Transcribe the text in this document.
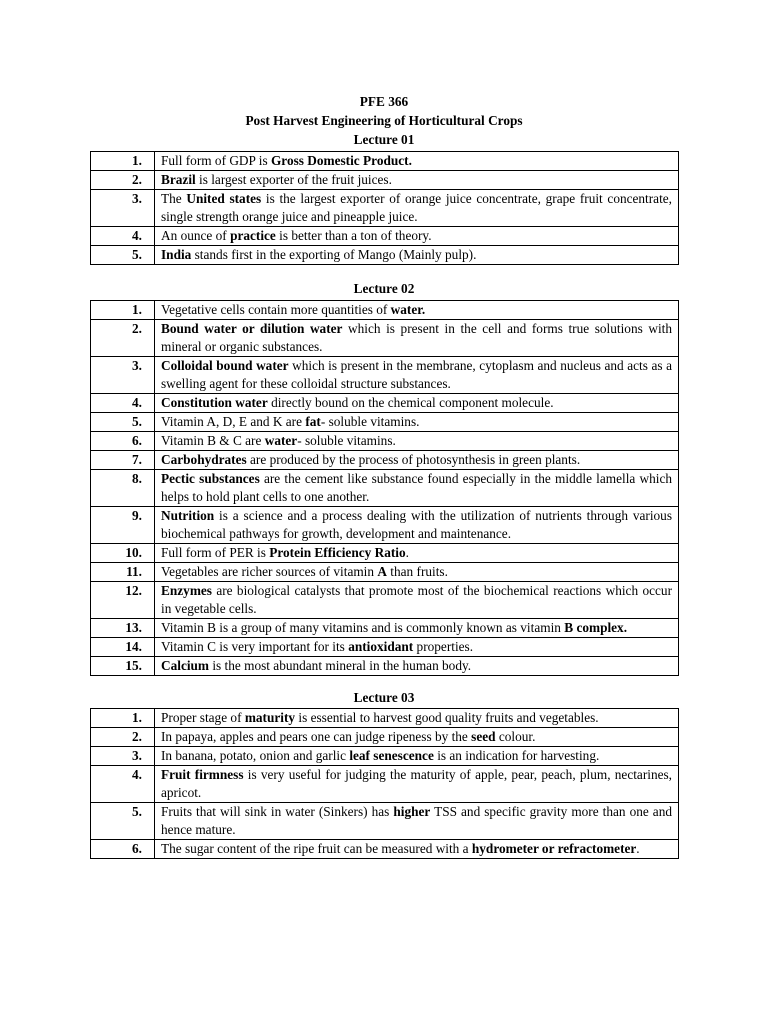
PFE 366
Post Harvest Engineering of Horticultural Crops
Lecture 01
1.	Full form of GDP is Gross Domestic Product.
2.	Brazil is largest exporter of the fruit juices.
3.	The United states is the largest exporter of orange juice concentrate, grape fruit concentrate, single strength orange juice and pineapple juice.
4.	An ounce of practice is better than a ton of theory.
5.	India stands first in the exporting of Mango (Mainly pulp).
Lecture 02
1.	Vegetative cells contain more quantities of water.
2.	Bound water or dilution water which is present in the cell and forms true solutions with mineral or organic substances.
3.	Colloidal bound water which is present in the membrane, cytoplasm and nucleus and acts as a swelling agent for these colloidal structure substances.
4.	Constitution water directly bound on the chemical component molecule.
5.	Vitamin A, D, E and K are fat- soluble vitamins.
6.	Vitamin B & C are water- soluble vitamins.
7.	Carbohydrates are produced by the process of photosynthesis in green plants.
8.	Pectic substances are the cement like substance found especially in the middle lamella which helps to hold plant cells to one another.
9.	Nutrition is a science and a process dealing with the utilization of nutrients through various biochemical pathways for growth, development and maintenance.
10.	Full form of PER is Protein Efficiency Ratio.
11.	Vegetables are richer sources of vitamin A than fruits.
12.	Enzymes are biological catalysts that promote most of the biochemical reactions which occur in vegetable cells.
13.	Vitamin B is a group of many vitamins and is commonly known as vitamin B complex.
14.	Vitamin C is very important for its antioxidant properties.
15.	Calcium is the most abundant mineral in the human body.
Lecture 03
1.	Proper stage of maturity is essential to harvest good quality fruits and vegetables.
2.	In papaya, apples and pears one can judge ripeness by the seed colour.
3.	In banana, potato, onion and garlic leaf senescence is an indication for harvesting.
4.	Fruit firmness is very useful for judging the maturity of apple, pear, peach, plum, nectarines, apricot.
5.	Fruits that will sink in water (Sinkers) has higher TSS and specific gravity more than one and hence mature.
6.	The sugar content of the ripe fruit can be measured with a hydrometer or refractometer.
